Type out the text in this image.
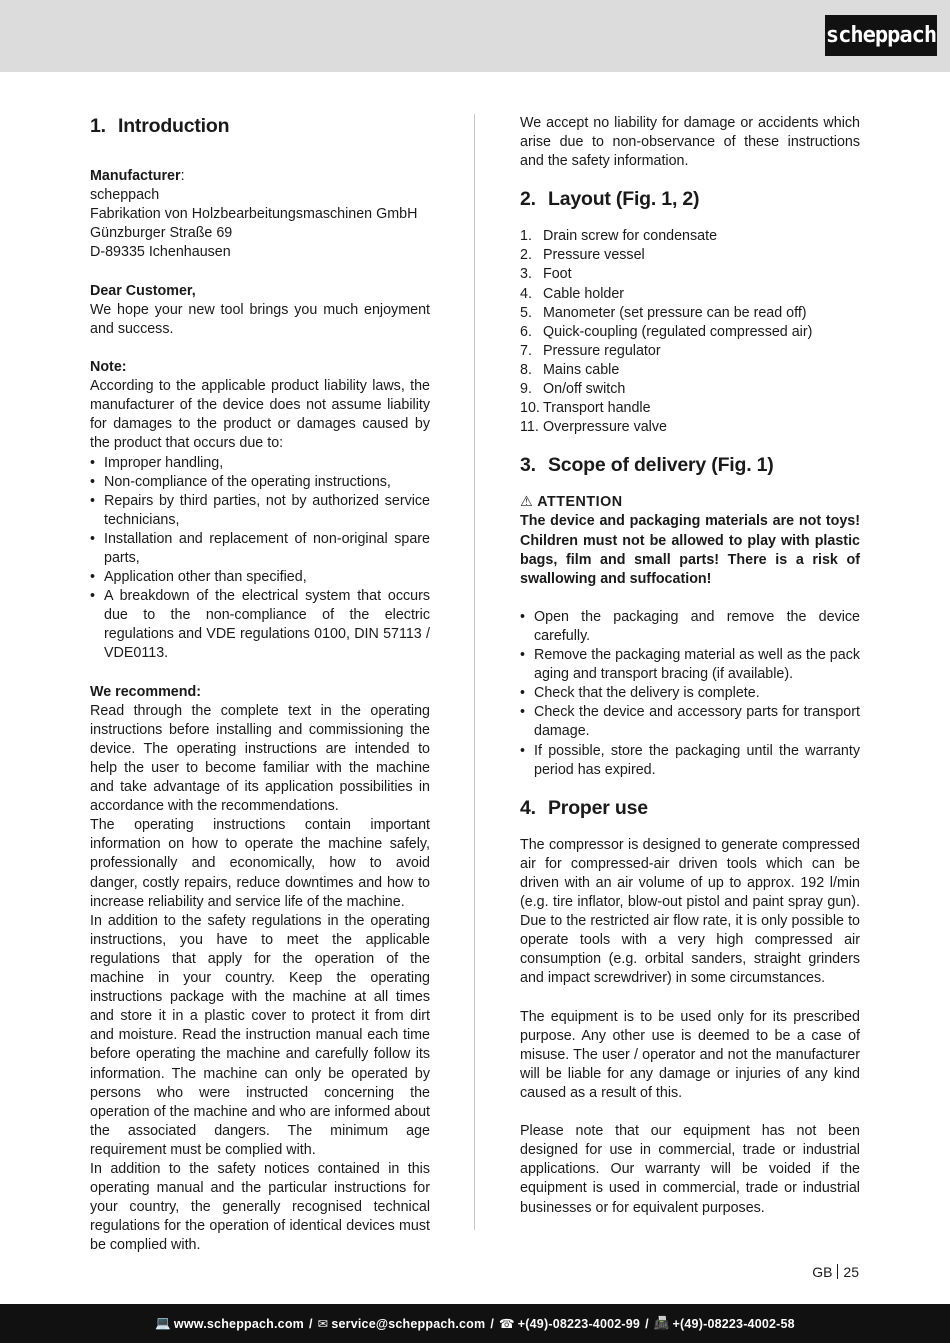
scheppach
1. Introduction

Manufacturer:

scheppach
Fabrikation von Holzbearbeitungsmaschinen GmbH
Günzburger Straße 69
D-89335 Ichenhausen

Dear Customer,

We hope your new tool brings you much enjoyment and success.

Note:

According to the applicable product liability laws, the manufacturer of the device does not assume liability for damages to the product or damages caused by the product that occurs due to:

• Improper handling,
• Non-compliance of the operating instructions,
• Repairs by third parties, not by authorized service technicians,
• Installation and replacement of non-original spare parts,
• Application other than specified,
• A breakdown of the electrical system that occurs due to the non-compliance of the electric regulations and VDE regulations 0100, DIN 57113 / VDE0113.

We recommend:

Read through the complete text in the operating instructions before installing and commissioning the device. The operating instructions are intended to help the user to become familiar with the machine and take advantage of its application possibilities in accordance with the recommendations.

The operating instructions contain important information on how to operate the machine safely, professionally and economically, how to avoid danger, costly repairs, reduce downtimes and how to increase reliability and service life of the machine.

In addition to the safety regulations in the operating instructions, you have to meet the applicable regulations that apply for the operation of the machine in your country. Keep the operating instructions package with the machine at all times and store it in a plastic cover to protect it from dirt and moisture. Read the instruction manual each time before operating the machine and carefully follow its information. The machine can only be operated by persons who were instructed concerning the operation of the machine and who are informed about the associated dangers. The minimum age requirement must be complied with.

In addition to the safety notices contained in this operating manual and the particular instructions for your country, the generally recognised technical regulations for the operation of identical devices must be complied with.

We accept no liability for damage or accidents which arise due to non-observance of these instructions and the safety information.

2. Layout (Fig. 1, 2)
1. Drain screw for condensate
2. Pressure vessel
3. Foot
4. Cable holder
5. Manometer (set pressure can be read off)
6. Quick-coupling (regulated compressed air)
7. Pressure regulator
8. Mains cable
9. On/off switch
10. Transport handle
11. Overpressure valve
3. Scope of delivery (Fig. 1)

⚠ ATTENTION

The device and packaging materials are not toys! Children must not be allowed to play with plastic bags, film and small parts! There is a risk of swallowing and suffocation!

• Open the packaging and remove the device carefully.
• Remove the packaging material as well as the pack aging and transport bracing (if available).
• Check that the delivery is complete.
• Check the device and accessory parts for transport damage.
• If possible, store the packaging until the warranty period has expired.
4. Proper use

The compressor is designed to generate compressed air for compressed-air driven tools which can be driven with an air volume of up to approx. 192 l/min (e.g. tire inflator, blow-out pistol and paint spray gun). Due to the restricted air flow rate, it is only possible to operate tools with a very high compressed air consumption (e.g. orbital sanders, straight grinders and impact screwdriver) in some circumstances.

The equipment is to be used only for its prescribed purpose. Any other use is deemed to be a case of misuse. The user / operator and not the manufacturer will be liable for any damage or injuries of any kind caused as a result of this.

Please note that our equipment has not been designed for use in commercial, trade or industrial applications. Our warranty will be voided if the equipment is used in commercial, trade or industrial businesses or for equivalent purposes.

GB 25
💻 www.scheppach.com / ✉ service@scheppach.com / ☎ +(49)-08223-4002-99 / 📠 +(49)-08223-4002-58
